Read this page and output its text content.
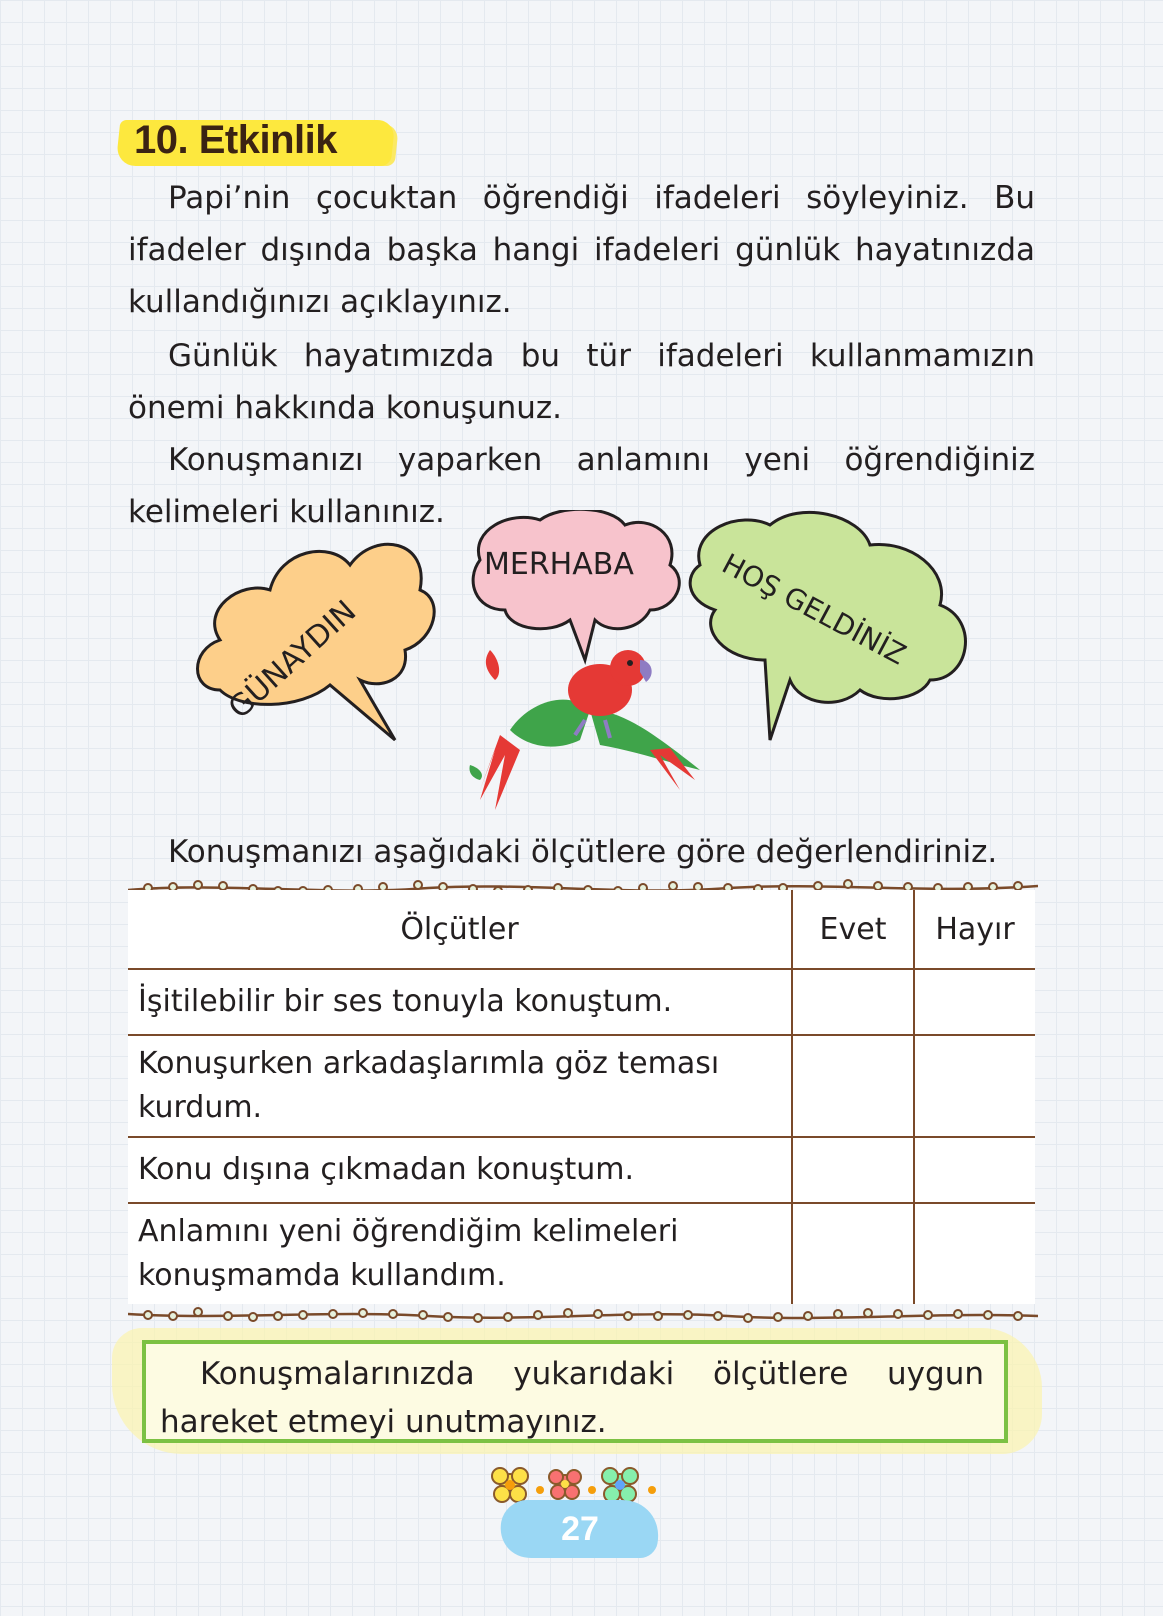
10. Etkinlik

Papi’nin çocuktan öğrendiği ifadeleri söyleyiniz. Bu ifadeler dışında başka hangi ifadeleri günlük hayatınızda kullandığınızı açıklayınız.

Günlük hayatımızda bu tür ifadeleri kullanmamızın önemi hakkında konuşunuz.

Konuşmanızı yaparken anlamını yeni öğrendiğiniz kelimeleri kullanınız.

GÜNAYDIN
MERHABA	HOŞ GELDİNİZ

Konuşmanızı aşağıdaki ölçütlere göre değerlendiriniz.

Ölçütler	Evet	Hayır
İşitilebilir bir ses tonuyla konuştum.		
Konuşurken arkadaşlarımla göz teması kurdum.		
Konu dışına çıkmadan konuştum.		
Anlamını yeni öğrendiğim kelimeleri konuşmamda kullandım.		

Konuşmalarınızda yukarıdaki ölçütlere uygun hareket etmeyi unutmayınız.

27
